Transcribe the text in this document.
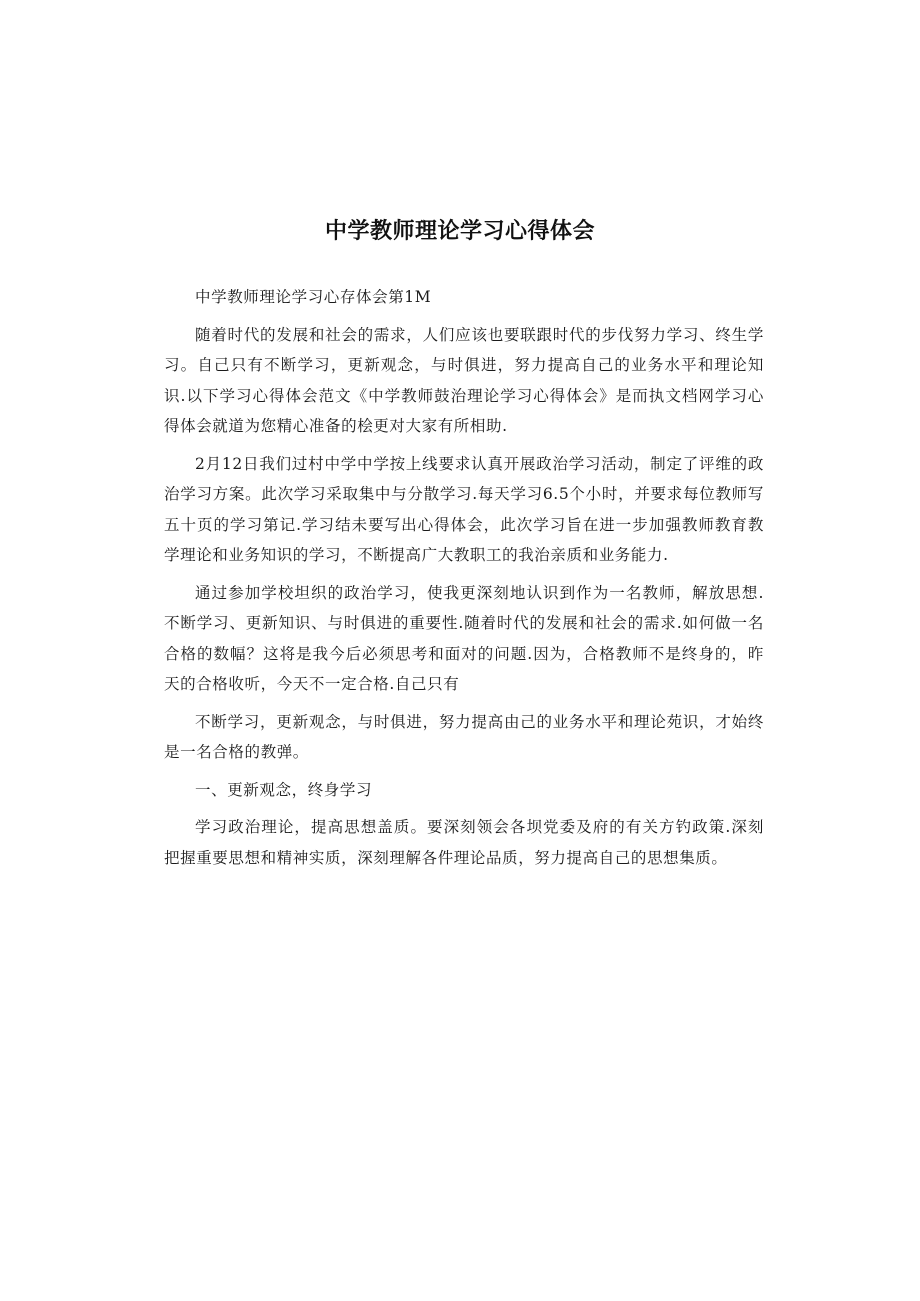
中学教师理论学习心得体会

中学教师理论学习心存体会第1M

随着时代的发展和社会的需求，人们应该也要联跟时代的步伐努力学习、终生学习。自己只有不断学习，更新观念，与时俱进，努力提高自己的业务水平和理论知识.以下学习心得体会范文《中学教师鼓治理论学习心得体会》是而执文档网学习心得体会就道为您精心准备的桧更对大家有所相助.

2月12日我们过村中学中学按上线要求认真开展政治学习活动，制定了评维的政治学习方案。此次学习采取集中与分散学习.每天学习6.5个小时，并要求每位教师写五十页的学习第记.学习结未要写出心得体会，此次学习旨在进一步加强教师教育教学理论和业务知识的学习，不断提高广大教职工的我治亲质和业务能力.

通过参加学校坦织的政治学习，使我更深刻地认识到作为一名教师，解放思想.不断学习、更新知识、与时俱进的重要性.随着时代的发展和社会的需求.如何做一名合格的数幅？这将是我今后必须思考和面对的问题.因为，合格教师不是终身的，昨天的合格收听，今天不一定合格.自己只有

不断学习，更新观念，与时俱进，努力提高由己的业务水平和理论苑识，才始终是一名合格的教弹。

一、更新观念，终身学习

学习政治理论，提高思想盖质。要深刻领会各坝党委及府的有关方钓政策.深刻把握重要思想和精神实质，深刻理解各件理论品质，努力提高自己的思想集质。
